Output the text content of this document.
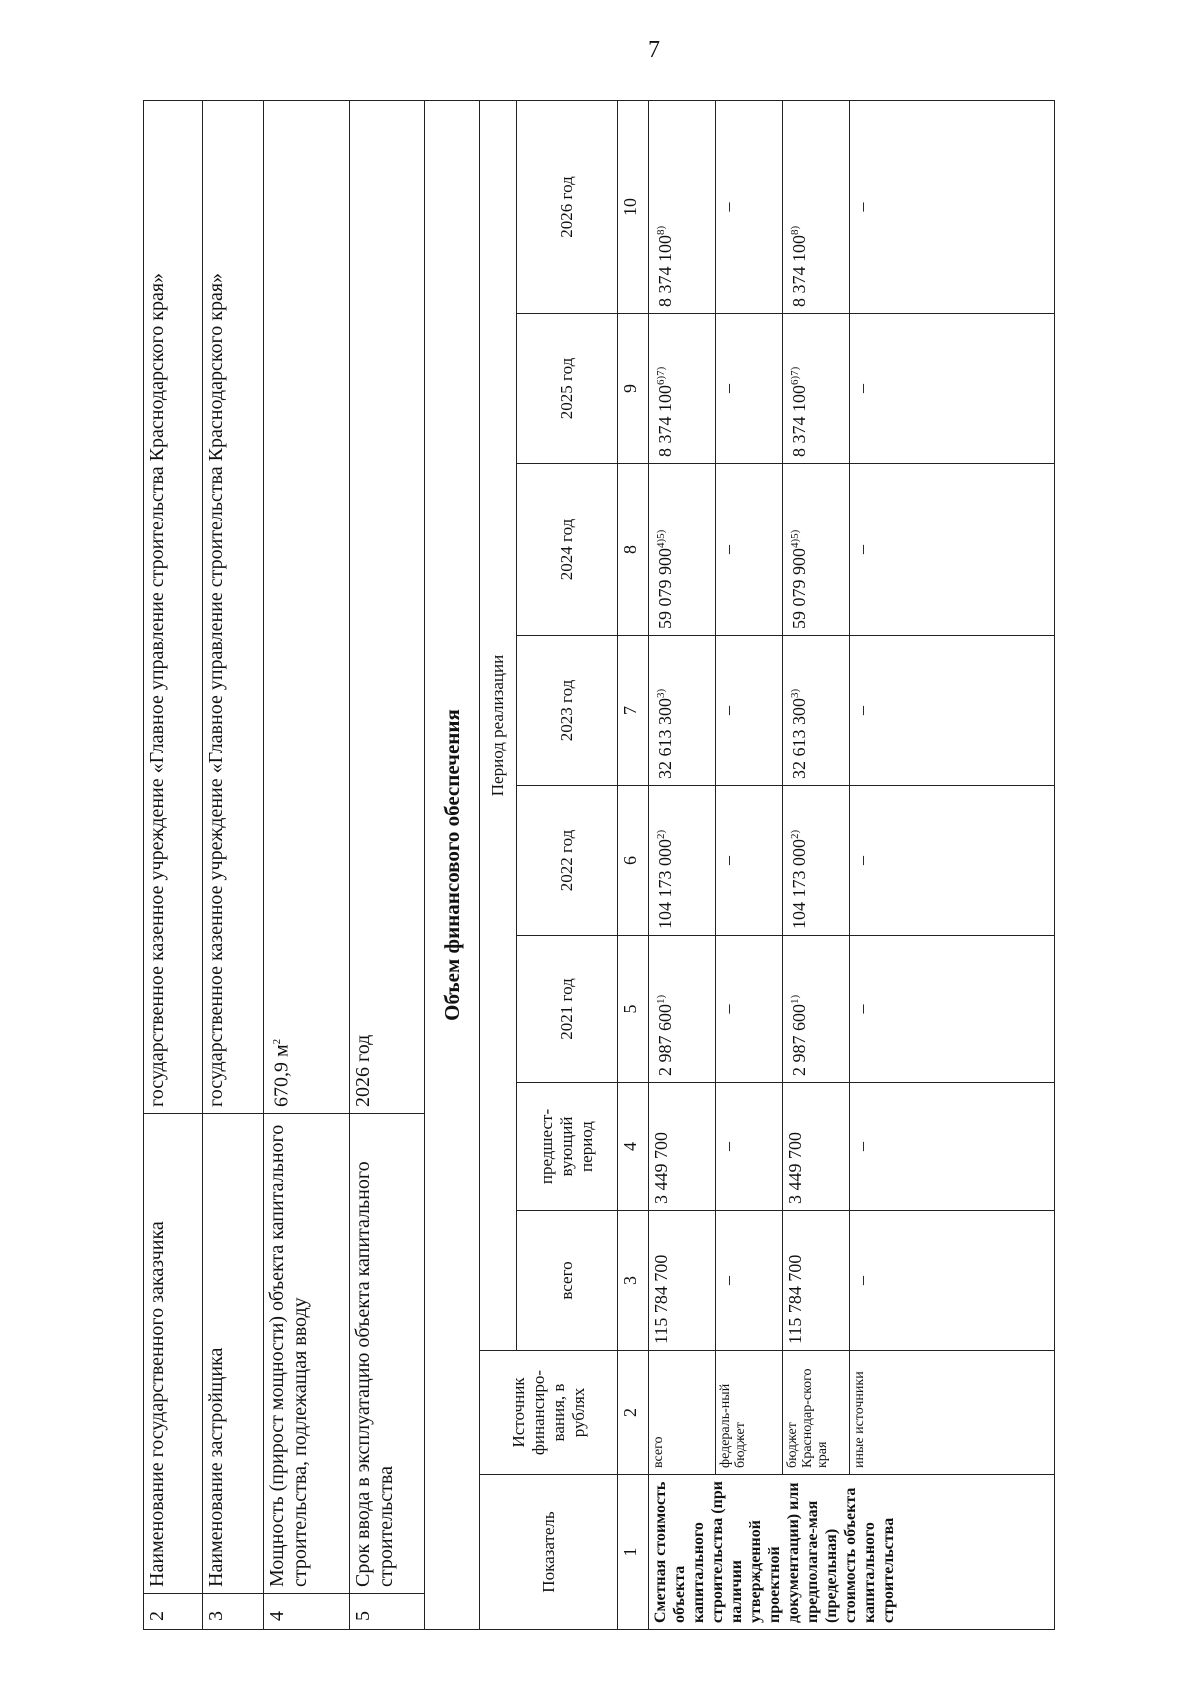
7
2	Наименование государственного заказчика	государственное казенное учреждение «Главное управление строительства Краснодарского края»
3	Наименование застройщика	государственное казенное учреждение «Главное управление строительства Краснодарского края»
4	Мощность (прирост мощности) объекта капитального строительства, подлежащая вводу	670,9 $м^2$
5	Срок ввода в эксплуатацию объекта капитального строительства	2026 год
Объем финансового обеспечения
Показатель	Источник финансиро-вания, в рублях	Период реализации							
		всего	предшест-вующий период	2021 год	2022 год	2023 год	2024 год	2025 год	2026 год
1	2	3	4	5	6	7	8	9	10
Сметная стоимость объекта капитального строительства (при наличии утвержденной проектной документации) или предполагае-мая (предельная) стоимость объекта капитального строительства	всего	115 784 700	3 449 700	2 987 600$^{1)}$	104 173 000$^{2)}$	32 613 300$^{3)}$	59 079 $900^{4)5)}$	8 374 $100^{6)7)}$	8 374 100$^{8)}$
	федераль-ный бюджет	–	–	–	–	–	–	–	–
	бюджет Краснодар-ского края	115 784 700	3 449 700	2 987 600$^{1)}$	104 173 000$^{2)}$	32 613 300$^{3)}$	59 079 $900^{4)5)}$	8 374 $100^{6)7)}$	8 374 100$^{8)}$
	иные источники	–	–	–	–	–	–	–	–
